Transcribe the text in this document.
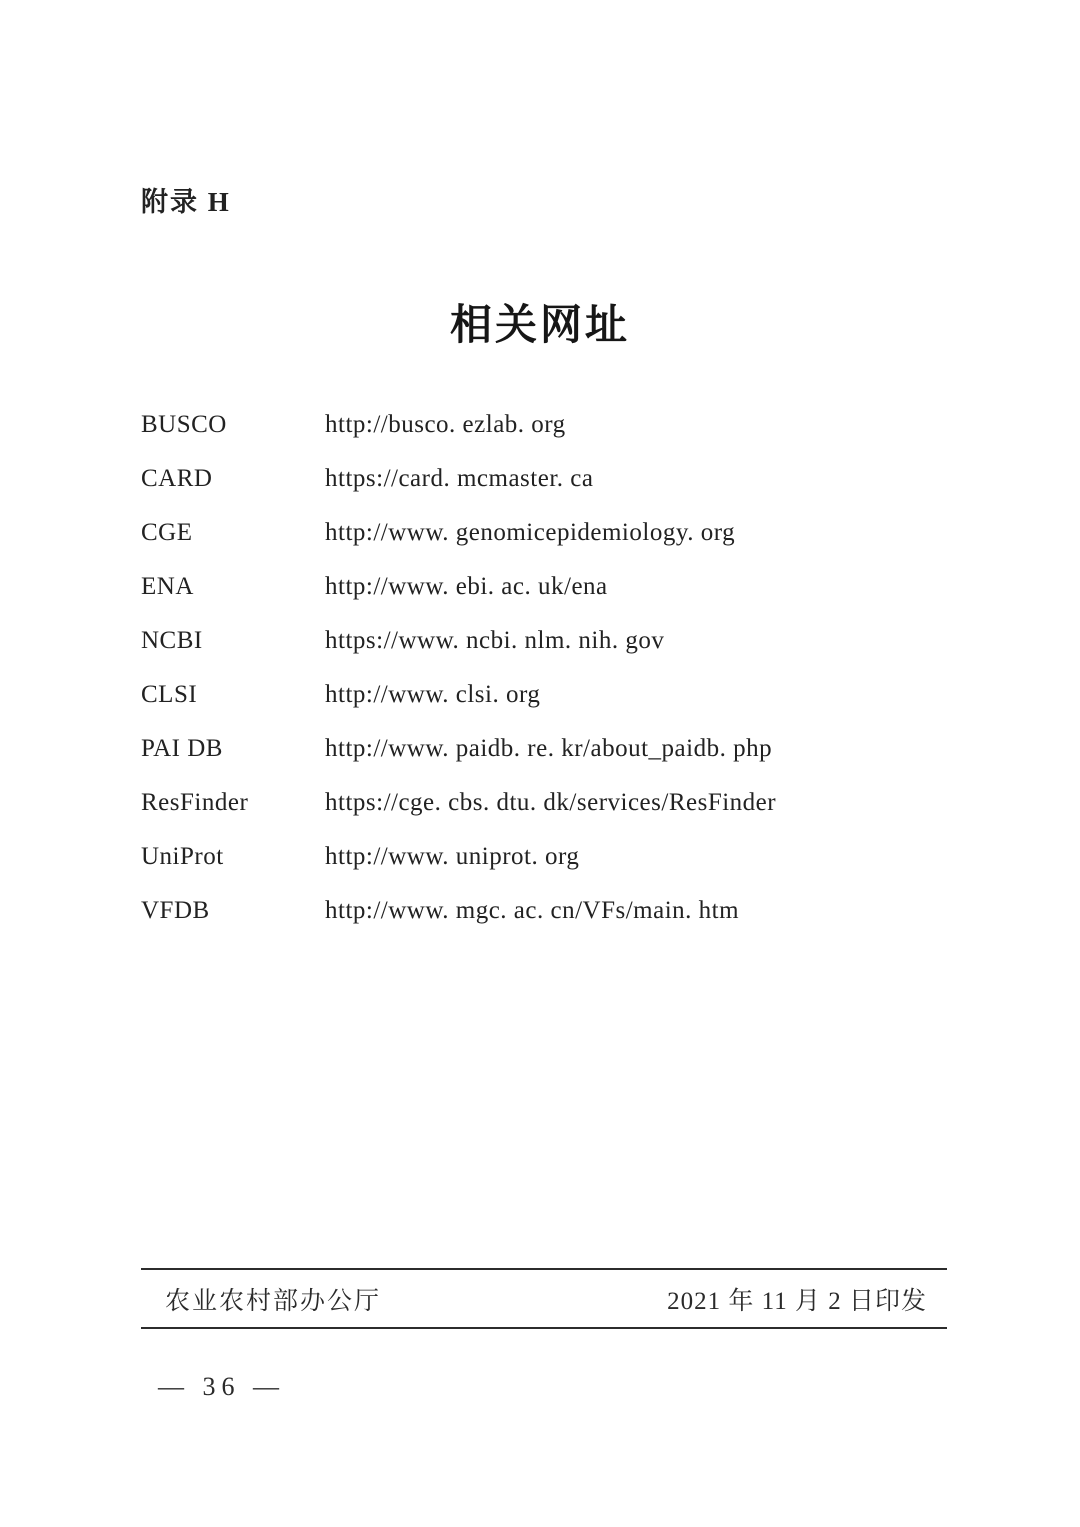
附录 H
相关网址
BUSCO	http://busco. ezlab. org
CARD	https://card. mcmaster. ca
CGE	http://www. genomicepidemiology. org
ENA	http://www. ebi. ac. uk/ena
NCBI	https://www. ncbi. nlm. nih. gov
CLSI	http://www. clsi. org
PAI DB	http://www. paidb. re. kr/about_paidb. php
ResFinder	https://cge. cbs. dtu. dk/services/ResFinder
UniProt	http://www. uniprot. org
VFDB	http://www. mgc. ac. cn/VFs/main. htm
农业农村部办公厅	2021 年 11 月 2 日印发
— 36 —
